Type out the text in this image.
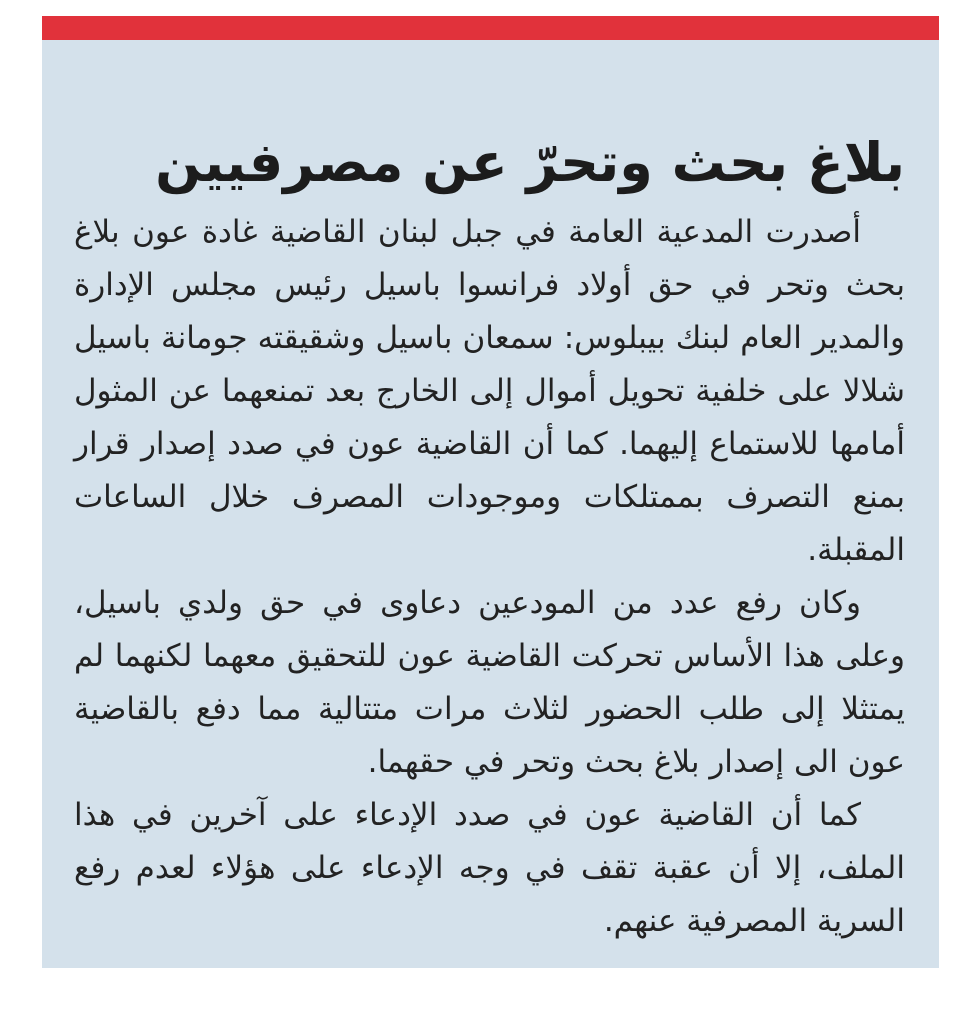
بلاغ بحث وتحرّ عن مصرفيين

أصدرت المدعية العامة في جبل لبنان القاضية غادة عون بلاغ بحث وتحر في حق أولاد فرانسوا باسيل رئيس مجلس الإدارة والمدير العام لبنك بيبلوس: سمعان باسيل وشقيقته جومانة باسيل شلالا على خلفية تحويل أموال إلى الخارج بعد تمنعهما عن المثول أمامها للاستماع إليهما. كما أن القاضية عون في صدد إصدار قرار بمنع التصرف بممتلكات وموجودات المصرف خلال الساعات المقبلة.

وكان رفع عدد من المودعين دعاوى في حق ولدي باسيل، وعلى هذا الأساس تحركت القاضية عون للتحقيق معهما لكنهما لم يمتثلا إلى طلب الحضور لثلاث مرات متتالية مما دفع بالقاضية عون الى إصدار بلاغ بحث وتحر في حقهما.

كما أن القاضية عون في صدد الإدعاء على آخرين في هذا الملف، إلا أن عقبة تقف في وجه الإدعاء على هؤلاء لعدم رفع السرية المصرفية عنهم.
